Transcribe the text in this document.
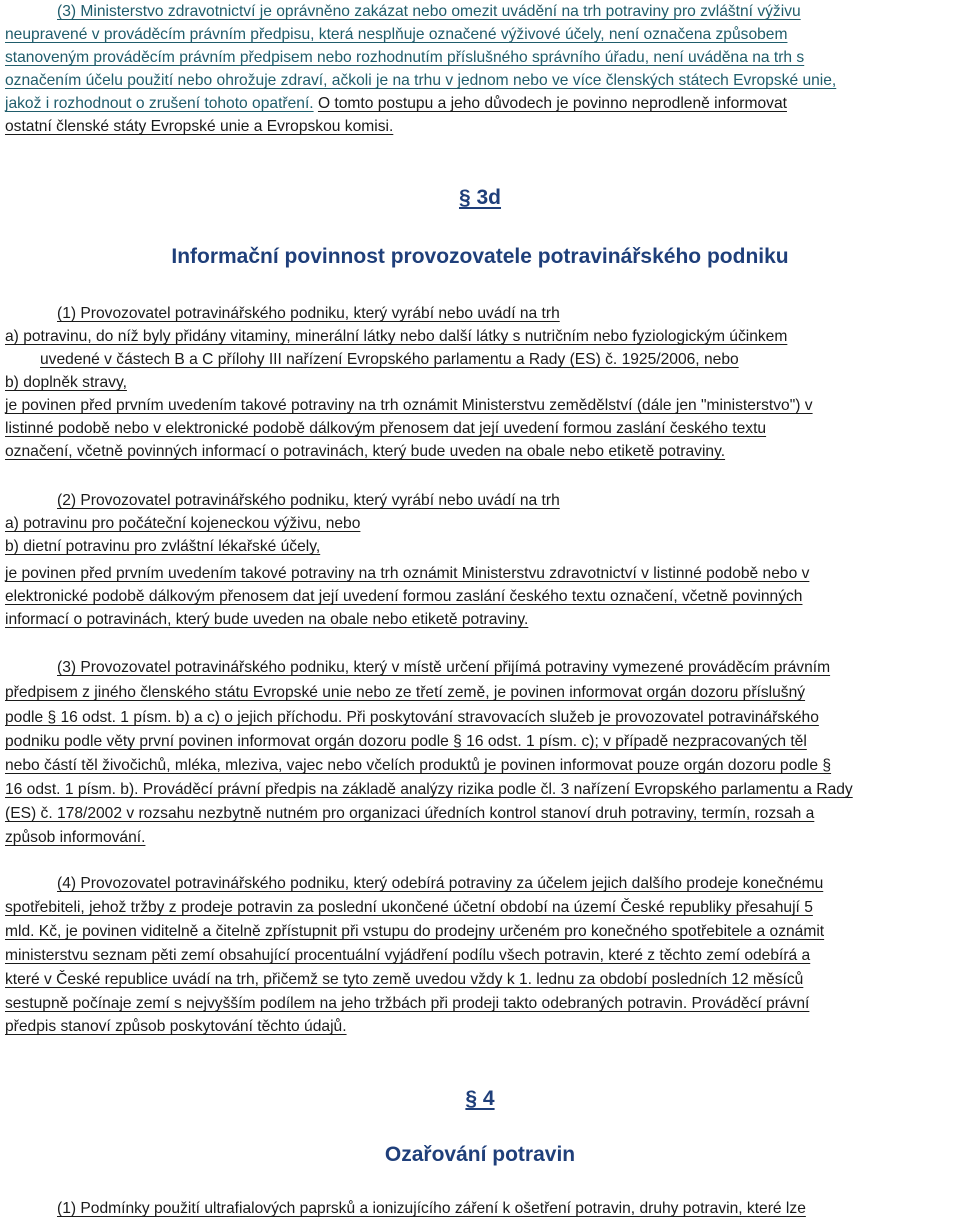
(3) Ministerstvo zdravotnictví je oprávněno zakázat nebo omezit uvádění na trh potraviny pro zvláštní výživu
neupravené v prováděcím právním předpisu, která nesplňuje označené výživové účely, není označena způsobem
stanoveným prováděcím právním předpisem nebo rozhodnutím příslušného správního úřadu, není uváděna na trh s
označením účelu použití nebo ohrožuje zdraví, ačkoli je na trhu v jednom nebo ve více členských státech Evropské unie,
jakož i rozhodnout o zrušení tohoto opatření. O tomto postupu a jeho důvodech je povinno neprodleně informovat
ostatní členské státy Evropské unie a Evropskou komisi.
§ 3d
Informační povinnost provozovatele potravinářského podniku
(1) Provozovatel potravinářského podniku, který vyrábí nebo uvádí na trh
a) potravinu, do níž byly přidány vitaminy, minerální látky nebo další látky s nutričním nebo fyziologickým účinkem
uvedené v částech B a C přílohy III nařízení Evropského parlamentu a Rady (ES) č. 1925/2006, nebo
b) doplněk stravy,
je povinen před prvním uvedením takové potraviny na trh oznámit Ministerstvu zemědělství (dále jen "ministerstvo") v
listinné podobě nebo v elektronické podobě dálkovým přenosem dat její uvedení formou zaslání českého textu
označení, včetně povinných informací o potravinách, který bude uveden na obale nebo etiketě potraviny.
(2) Provozovatel potravinářského podniku, který vyrábí nebo uvádí na trh
a) potravinu pro počáteční kojeneckou výživu, nebo
b) dietní potravinu pro zvláštní lékařské účely,
je povinen před prvním uvedením takové potraviny na trh oznámit Ministerstvu zdravotnictví v listinné podobě nebo v
elektronické podobě dálkovým přenosem dat její uvedení formou zaslání českého textu označení, včetně povinných
informací o potravinách, který bude uveden na obale nebo etiketě potraviny.
(3) Provozovatel potravinářského podniku, který v místě určení přijímá potraviny vymezené prováděcím právním
předpisem z jiného členského státu Evropské unie nebo ze třetí země, je povinen informovat orgán dozoru příslušný
podle § 16 odst. 1 písm. b) a c) o jejich příchodu. Při poskytování stravovacích služeb je provozovatel potravinářského
podniku podle věty první povinen informovat orgán dozoru podle § 16 odst. 1 písm. c); v případě nezpracovaných těl
nebo částí těl živočichů, mléka, mleziva, vajec nebo včelích produktů je povinen informovat pouze orgán dozoru podle §
16 odst. 1 písm. b). Prováděcí právní předpis na základě analýzy rizika podle čl. 3 nařízení Evropského parlamentu a Rady
(ES) č. 178/2002 v rozsahu nezbytně nutném pro organizaci úředních kontrol stanoví druh potraviny, termín, rozsah a
způsob informování.
(4) Provozovatel potravinářského podniku, který odebírá potraviny za účelem jejich dalšího prodeje konečnému
spotřebiteli, jehož tržby z prodeje potravin za poslední ukončené účetní období na území České republiky přesahují 5
mld. Kč, je povinen viditelně a čitelně zpřístupnit při vstupu do prodejny určeném pro konečného spotřebitele a oznámit
ministerstvu seznam pěti zemí obsahující procentuální vyjádření podílu všech potravin, které z těchto zemí odebírá a
které v České republice uvádí na trh, přičemž se tyto země uvedou vždy k 1. lednu za období posledních 12 měsíců
sestupně počínaje zemí s nejvyšším podílem na jeho tržbách při prodeji takto odebraných potravin. Prováděcí právní
předpis stanoví způsob poskytování těchto údajů.
§ 4
Ozařování potravin
(1) Podmínky použití ultrafialových paprsků a ionizujícího záření k ošetření potravin, druhy potravin, které lze
